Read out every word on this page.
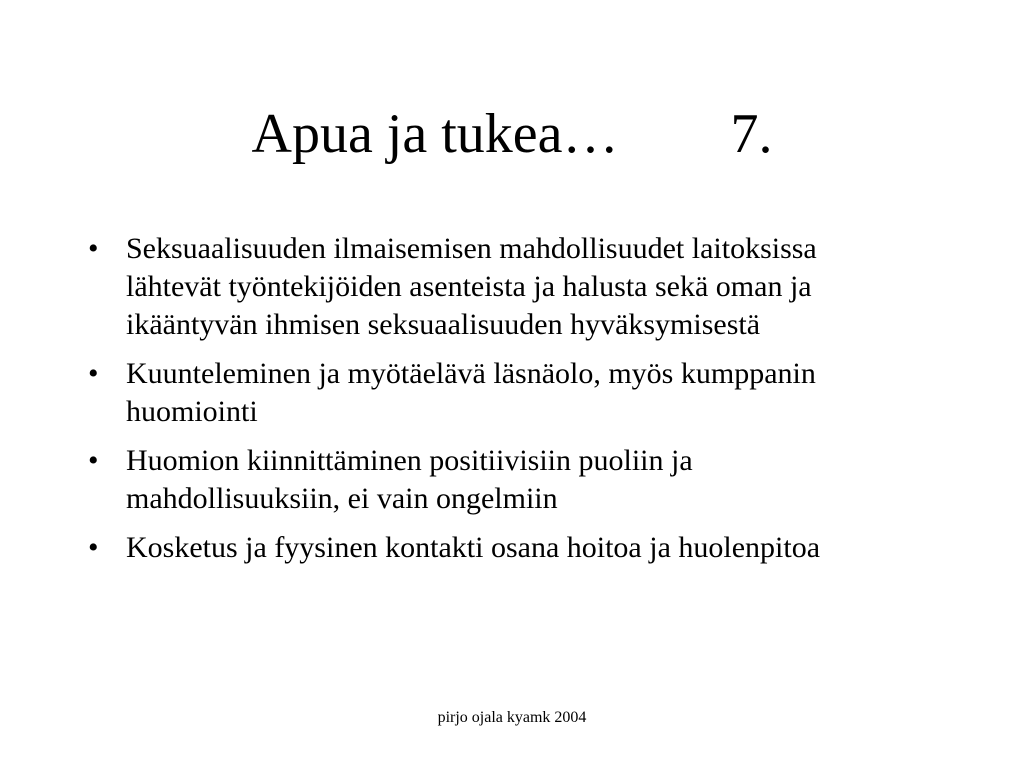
Apua ja tukea… 7.
• Seksuaalisuuden ilmaisemisen mahdollisuudet laitoksissa lähtevät työntekijöiden asenteista ja halusta sekä oman ja ikääntyvän ihmisen seksuaalisuuden hyväksymisestä
• Kuunteleminen ja myötäelävä läsnäolo, myös kumppanin huomiointi
• Huomion kiinnittäminen positiivisiin puoliin ja mahdollisuuksiin, ei vain ongelmiin
• Kosketus ja fyysinen kontakti osana hoitoa ja huolenpitoa
pirjo ojala kyamk 2004
